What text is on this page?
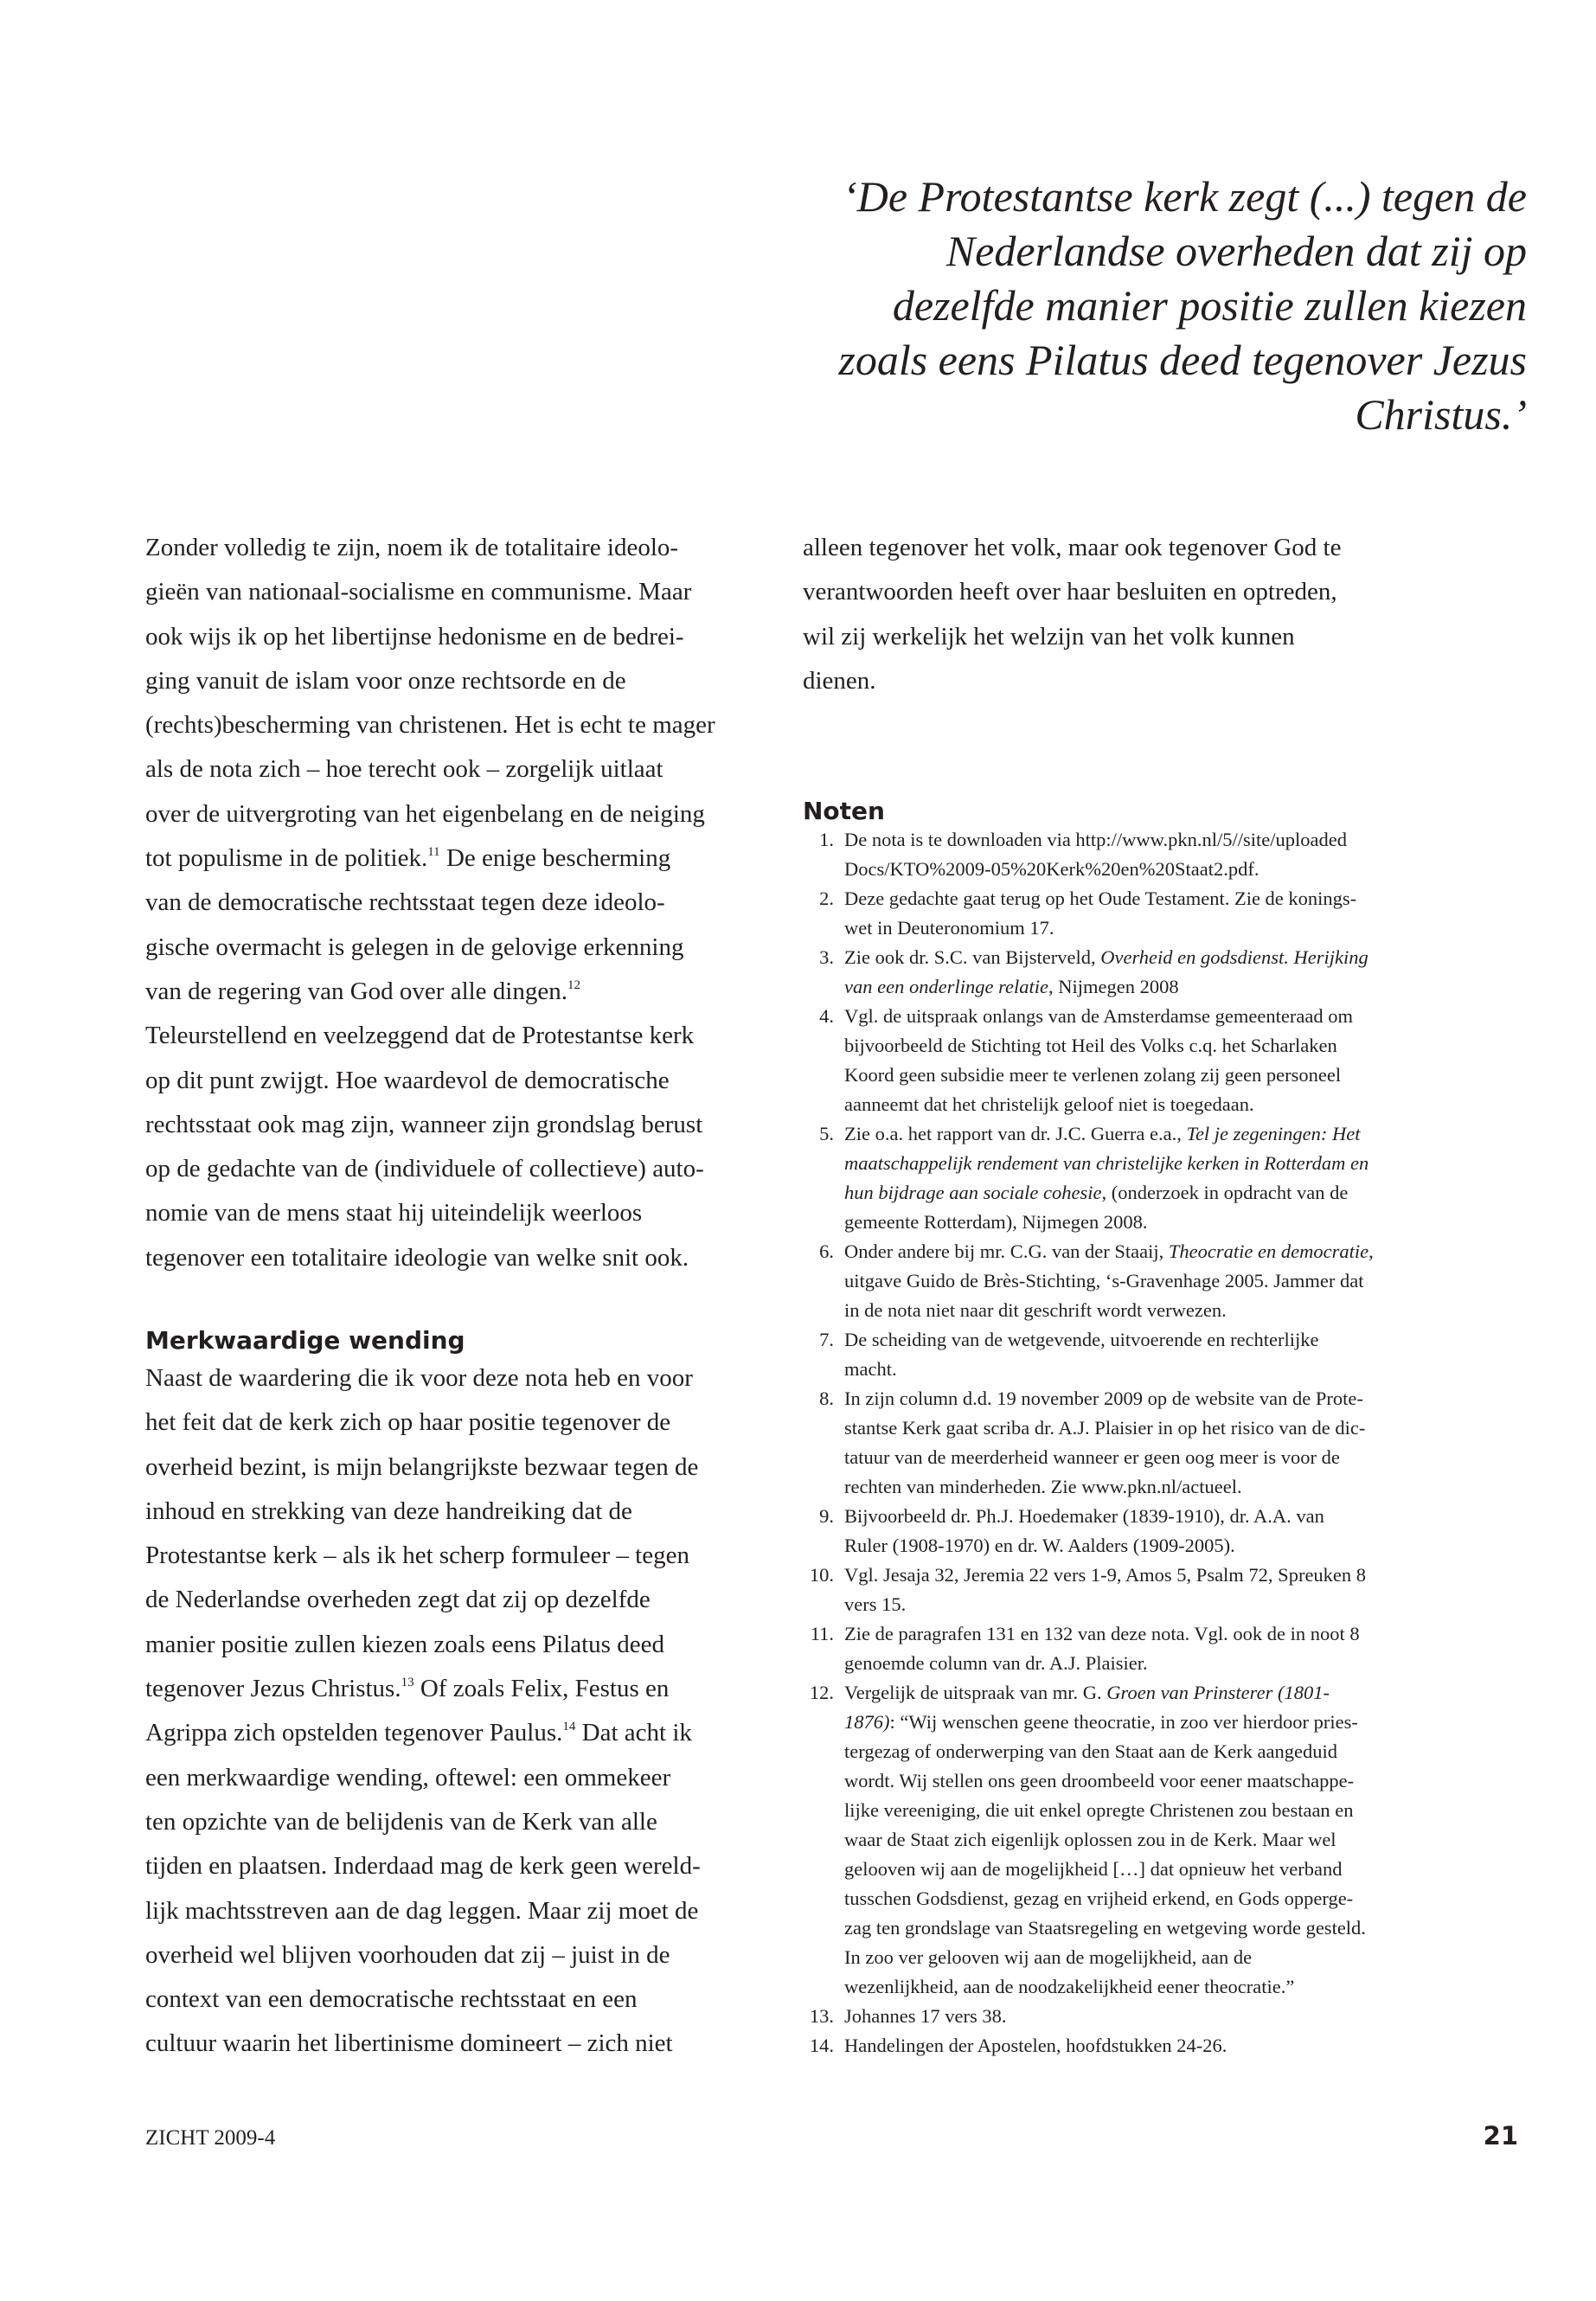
‘De Protestantse kerk zegt (...) tegen de
Nederlandse overheden dat zij op
dezelfde manier positie zullen kiezen
zoals eens Pilatus deed tegenover Jezus
Christus.’
Zonder volledig te zijn, noem ik de totalitaire ideolo-
gieën van nationaal-socialisme en communisme. Maar
ook wijs ik op het libertijnse hedonisme en de bedrei-
ging vanuit de islam voor onze rechtsorde en de
(rechts)bescherming van christenen. Het is echt te mager
als de nota zich – hoe terecht ook – zorgelijk uitlaat
over de uitvergroting van het eigenbelang en de neiging
tot populisme in de politiek.$^{11}$ De enige bescherming
van de democratische rechtsstaat tegen deze ideolo-
gische overmacht is gelegen in de gelovige erkenning
van de regering van God over alle dingen.$^{12}$
Teleurstellend en veelzeggend dat de Protestantse kerk
op dit punt zwijgt. Hoe waardevol de democratische
rechtsstaat ook mag zijn, wanneer zijn grondslag berust
op de gedachte van de (individuele of collectieve) auto-
nomie van de mens staat hij uiteindelijk weerloos
tegenover een totalitaire ideologie van welke snit ook.
Merkwaardige wending
Naast de waardering die ik voor deze nota heb en voor
het feit dat de kerk zich op haar positie tegenover de
overheid bezint, is mijn belangrijkste bezwaar tegen de
inhoud en strekking van deze handreiking dat de
Protestantse kerk – als ik het scherp formuleer – tegen
de Nederlandse overheden zegt dat zij op dezelfde
manier positie zullen kiezen zoals eens Pilatus deed
tegenover Jezus Christus.$^{13}$ Of zoals Felix, Festus en
Agrippa zich opstelden tegenover Paulus.$^{14}$ Dat acht ik
een merkwaardige wending, oftewel: een ommekeer
ten opzichte van de belijdenis van de Kerk van alle
tijden en plaatsen. Inderdaad mag de kerk geen wereld-
lijk machtsstreven aan de dag leggen. Maar zij moet de
overheid wel blijven voorhouden dat zij – juist in de
context van een democratische rechtsstaat en een
cultuur waarin het libertinisme domineert – zich niet
alleen tegenover het volk, maar ook tegenover God te
verantwoorden heeft over haar besluiten en optreden,
wil zij werkelijk het welzijn van het volk kunnen
dienen.
Noten
1. De nota is te downloaden via http://www.pkn.nl/5//site/uploaded
Docs/KTO%2009-05%20Kerk%20en%20Staat2.pdf.
2. Deze gedachte gaat terug op het Oude Testament. Zie de konings-
wet in Deuteronomium 17.
3. Zie ook dr. S.C. van Bijsterveld, Overheid en godsdienst. Herijking
van een onderlinge relatie, Nijmegen 2008
4. Vgl. de uitspraak onlangs van de Amsterdamse gemeenteraad om
bijvoorbeeld de Stichting tot Heil des Volks c.q. het Scharlaken
Koord geen subsidie meer te verlenen zolang zij geen personeel
aanneemt dat het christelijk geloof niet is toegedaan.
5. Zie o.a. het rapport van dr. J.C. Guerra e.a., Tel je zegeningen: Het
maatschappelijk rendement van christelijke kerken in Rotterdam en
hun bijdrage aan sociale cohesie, (onderzoek in opdracht van de
gemeente Rotterdam), Nijmegen 2008.
6. Onder andere bij mr. C.G. van der Staaij, Theocratie en democratie,
uitgave Guido de Brès-Stichting, ‘s-Gravenhage 2005. Jammer dat
in de nota niet naar dit geschrift wordt verwezen.
7. De scheiding van de wetgevende, uitvoerende en rechterlijke
macht.
8. In zijn column d.d. 19 november 2009 op de website van de Prote-
stantse Kerk gaat scriba dr. A.J. Plaisier in op het risico van de dic-
tatuur van de meerderheid wanneer er geen oog meer is voor de
rechten van minderheden. Zie www.pkn.nl/actueel.
9. Bijvoorbeeld dr. Ph.J. Hoedemaker (1839-1910), dr. A.A. van
Ruler (1908-1970) en dr. W. Aalders (1909-2005).
10. Vgl. Jesaja 32, Jeremia 22 vers 1-9, Amos 5, Psalm 72, Spreuken 8
vers 15.
11. Zie de paragrafen 131 en 132 van deze nota. Vgl. ook de in noot 8
genoemde column van dr. A.J. Plaisier.
12. Vergelijk de uitspraak van mr. G. Groen van Prinsterer (1801-
1876): “Wij wenschen geene theocratie, in zoo ver hierdoor pries-
tergezag of onderwerping van den Staat aan de Kerk aangeduid
wordt. Wij stellen ons geen droombeeld voor eener maatschappe-
lijke vereeniging, die uit enkel opregte Christenen zou bestaan en
waar de Staat zich eigenlijk oplossen zou in de Kerk. Maar wel
gelooven wij aan de mogelijkheid […] dat opnieuw het verband
tusschen Godsdienst, gezag en vrijheid erkend, en Gods oppergе-
zag ten grondslage van Staatsregeling en wetgeving worde gesteld.
In zoo ver gelooven wij aan de mogelijkheid, aan de
wezenlijkheid, aan de noodzakelijkheid eener theocratie.”
13. Johannes 17 vers 38.
14. Handelingen der Apostelen, hoofdstukken 24-26.
ZICHT 2009-4	21
